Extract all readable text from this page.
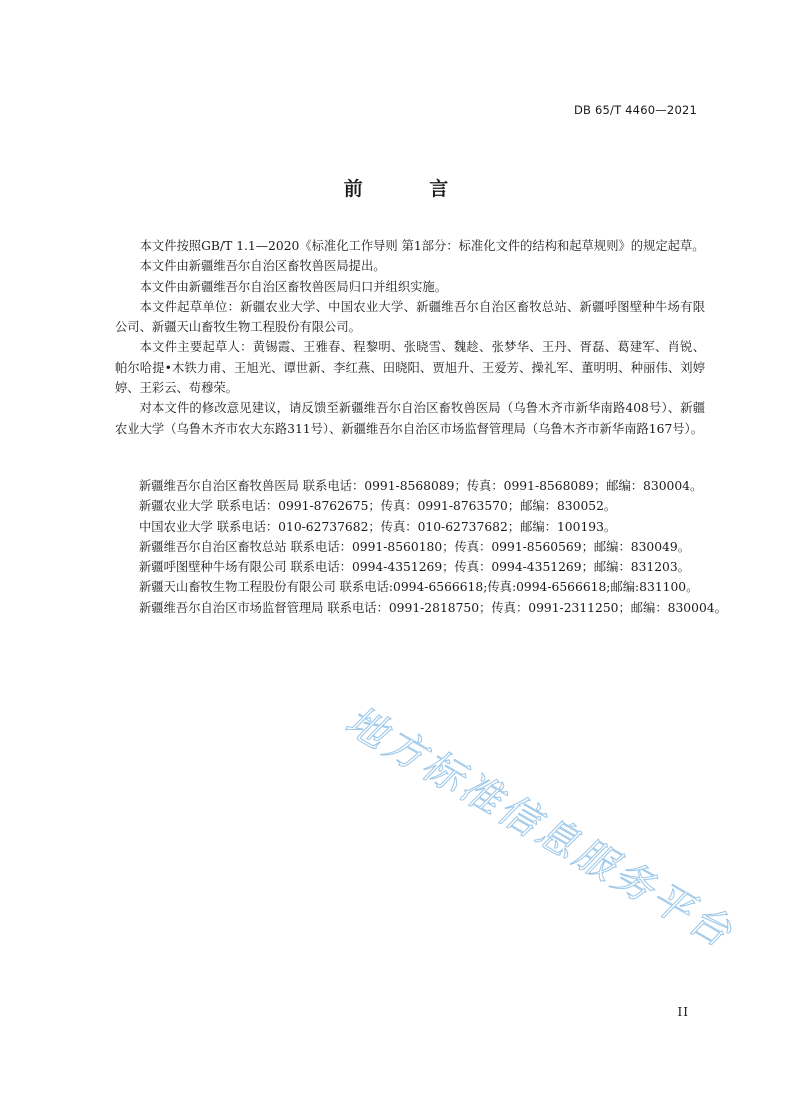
DB 65/T 4460—2021
前 言

本文件按照GB/T 1.1—2020《标准化工作导则 第1部分：标准化文件的结构和起草规则》的规定起草。

本文件由新疆维吾尔自治区畜牧兽医局提出。

本文件由新疆维吾尔自治区畜牧兽医局归口并组织实施。

本文件起草单位：新疆农业大学、中国农业大学、新疆维吾尔自治区畜牧总站、新疆呼图壁种牛场有限公司、新疆天山畜牧生物工程股份有限公司。

本文件主要起草人：黄锡霞、王雅春、程黎明、张晓雪、魏趁、张梦华、王丹、胥磊、葛建军、肖锐、帕尔哈提•木铁力甫、王旭光、谭世新、李红燕、田晓阳、贾旭升、王爱芳、操礼军、董明明、种丽伟、刘婷婷、王彩云、苟穆荣。

对本文件的修改意见建议，请反馈至新疆维吾尔自治区畜牧兽医局（乌鲁木齐市新华南路408号）、新疆农业大学（乌鲁木齐市农大东路311号）、新疆维吾尔自治区市场监督管理局（乌鲁木齐市新华南路167号）。

新疆维吾尔自治区畜牧兽医局 联系电话：0991-8568089；传真：0991-8568089；邮编：830004。
新疆农业大学 联系电话：0991-8762675；传真：0991-8763570；邮编：830052。
中国农业大学 联系电话：010-62737682；传真：010-62737682；邮编：100193。
新疆维吾尔自治区畜牧总站 联系电话：0991-8560180；传真：0991-8560569；邮编：830049。
新疆呼图壁种牛场有限公司 联系电话：0994-4351269；传真：0994-4351269；邮编：831203。
新疆天山畜牧生物工程股份有限公司 联系电话:0994-6566618;传真:0994-6566618;邮编:831100。
新疆维吾尔自治区市场监督管理局 联系电话：0991-2818750；传真：0991-2311250；邮编：830004。
地方标准信息服务平台
II
